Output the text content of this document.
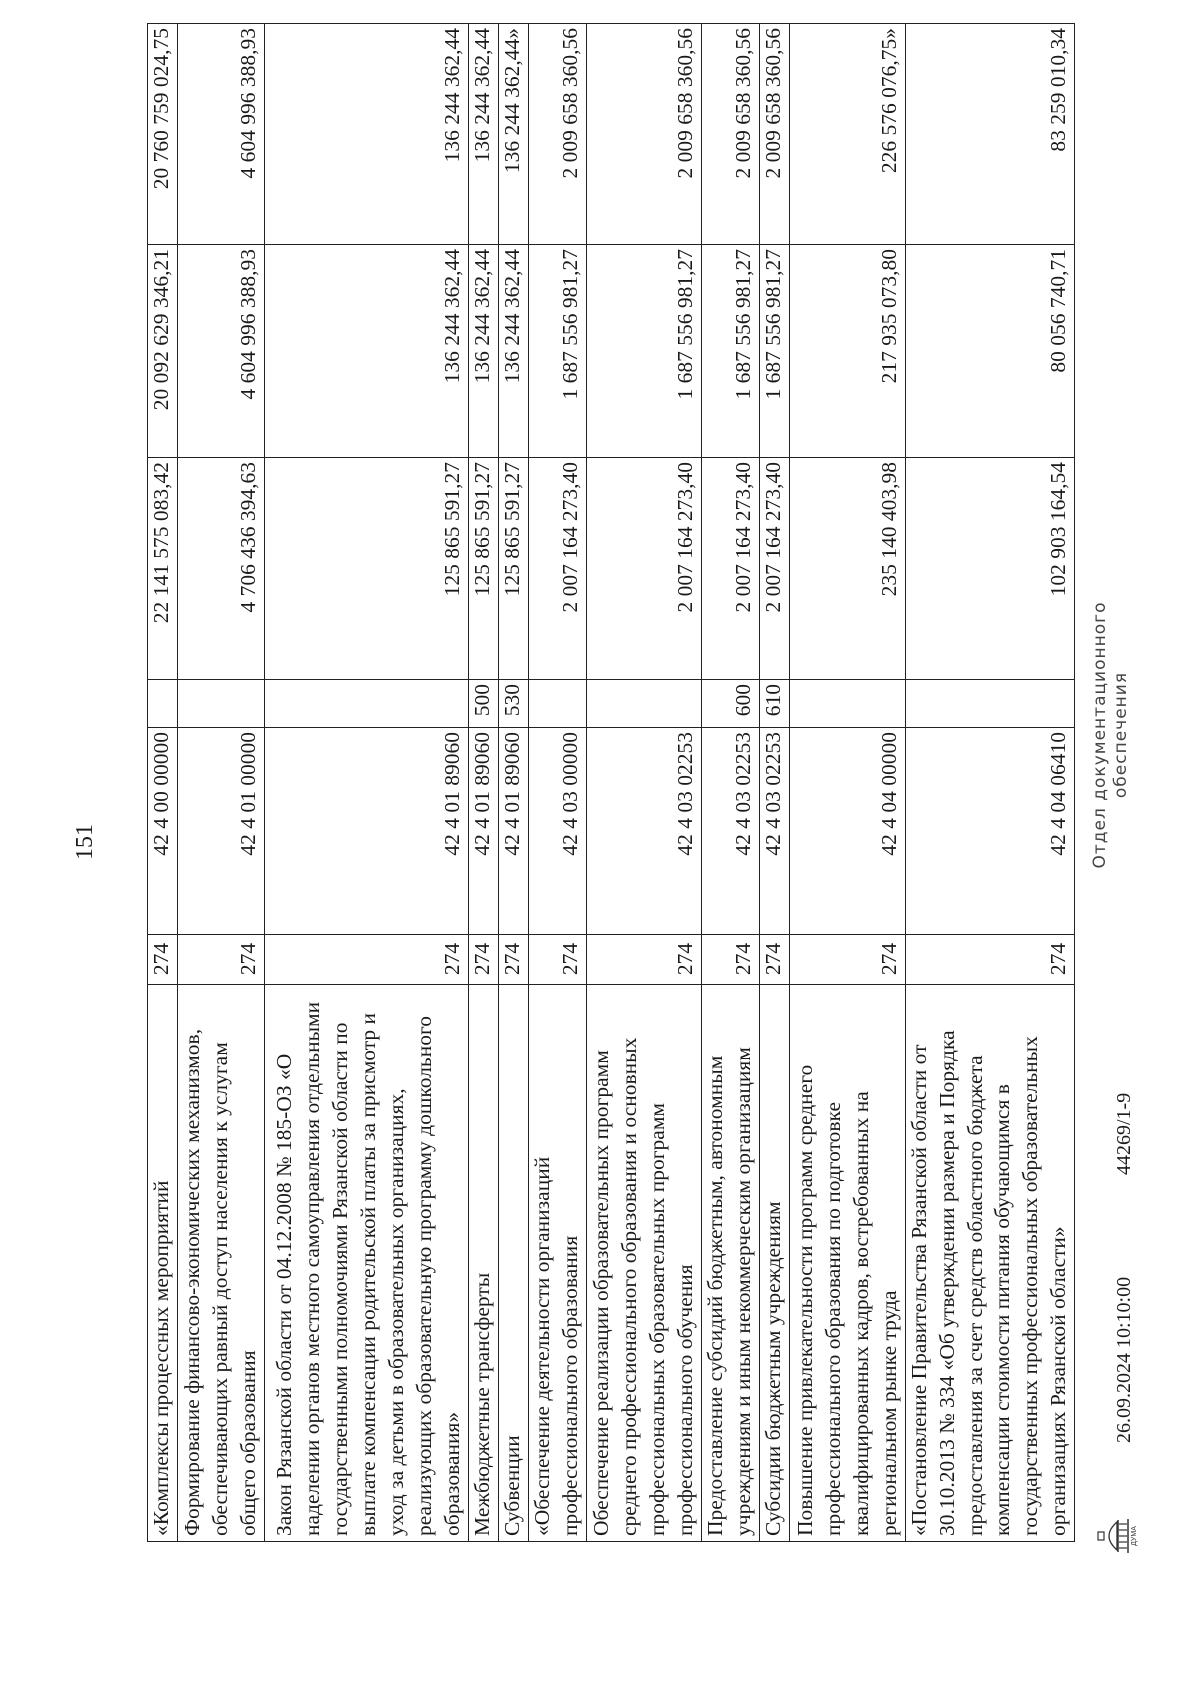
151
«Комплексы процессных мероприятий	274	42 4 00 00000		22 141 575 083,42	20 092 629 346,21	20 760 759 024,75
Формирование финансово-экономических механизмов, обеспечивающих равный доступ населения к услугам общего образования	274	42 4 01 00000		4 706 436 394,63	4 604 996 388,93	4 604 996 388,93
Закон Рязанской области от 04.12.2008 № 185-ОЗ «О наделении органов местного самоуправления отдельными государственными полномочиями Рязанской области по выплате компенсации родительской платы за присмотр и уход за детьми в образовательных организациях, реализующих образовательную программу дошкольного образования»	274	42 4 01 89060		125 865 591,27	136 244 362,44	136 244 362,44
Межбюджетные трансферты	274	42 4 01 89060	500	125 865 591,27	136 244 362,44	136 244 362,44
Субвенции	274	42 4 01 89060	530	125 865 591,27	136 244 362,44	136 244 362,44»
«Обеспечение деятельности организаций профессионального образования	274	42 4 03 00000		2 007 164 273,40	1 687 556 981,27	2 009 658 360,56
Обеспечение реализации образовательных программ среднего профессионального образования и основных профессиональных образовательных программ профессионального обучения	274	42 4 03 02253		2 007 164 273,40	1 687 556 981,27	2 009 658 360,56
Предоставление субсидий бюджетным, автономным учреждениям и иным некоммерческим организациям	274	42 4 03 02253	600	2 007 164 273,40	1 687 556 981,27	2 009 658 360,56
Субсидии бюджетным учреждениям	274	42 4 03 02253	610	2 007 164 273,40	1 687 556 981,27	2 009 658 360,56
Повышение привлекательности программ среднего профессионального образования по подготовке квалифицированных кадров, востребованных на региональном рынке труда	274	42 4 04 00000		235 140 403,98	217 935 073,80	226 576 076,75»
«Постановление Правительства Рязанской области от 30.10.2013 № 334 «Об утверждении размера и Порядка предоставления за счет средств областного бюджета компенсации стоимости питания обучающимся в государственных профессиональных образовательных организациях Рязанской области»	274	42 4 04 06410		102 903 164,54	80 056 740,71	83 259 010,34
ДУМА
26.09.2024 10:10:00
44269/1-9
Отдел документационного обеспечения
